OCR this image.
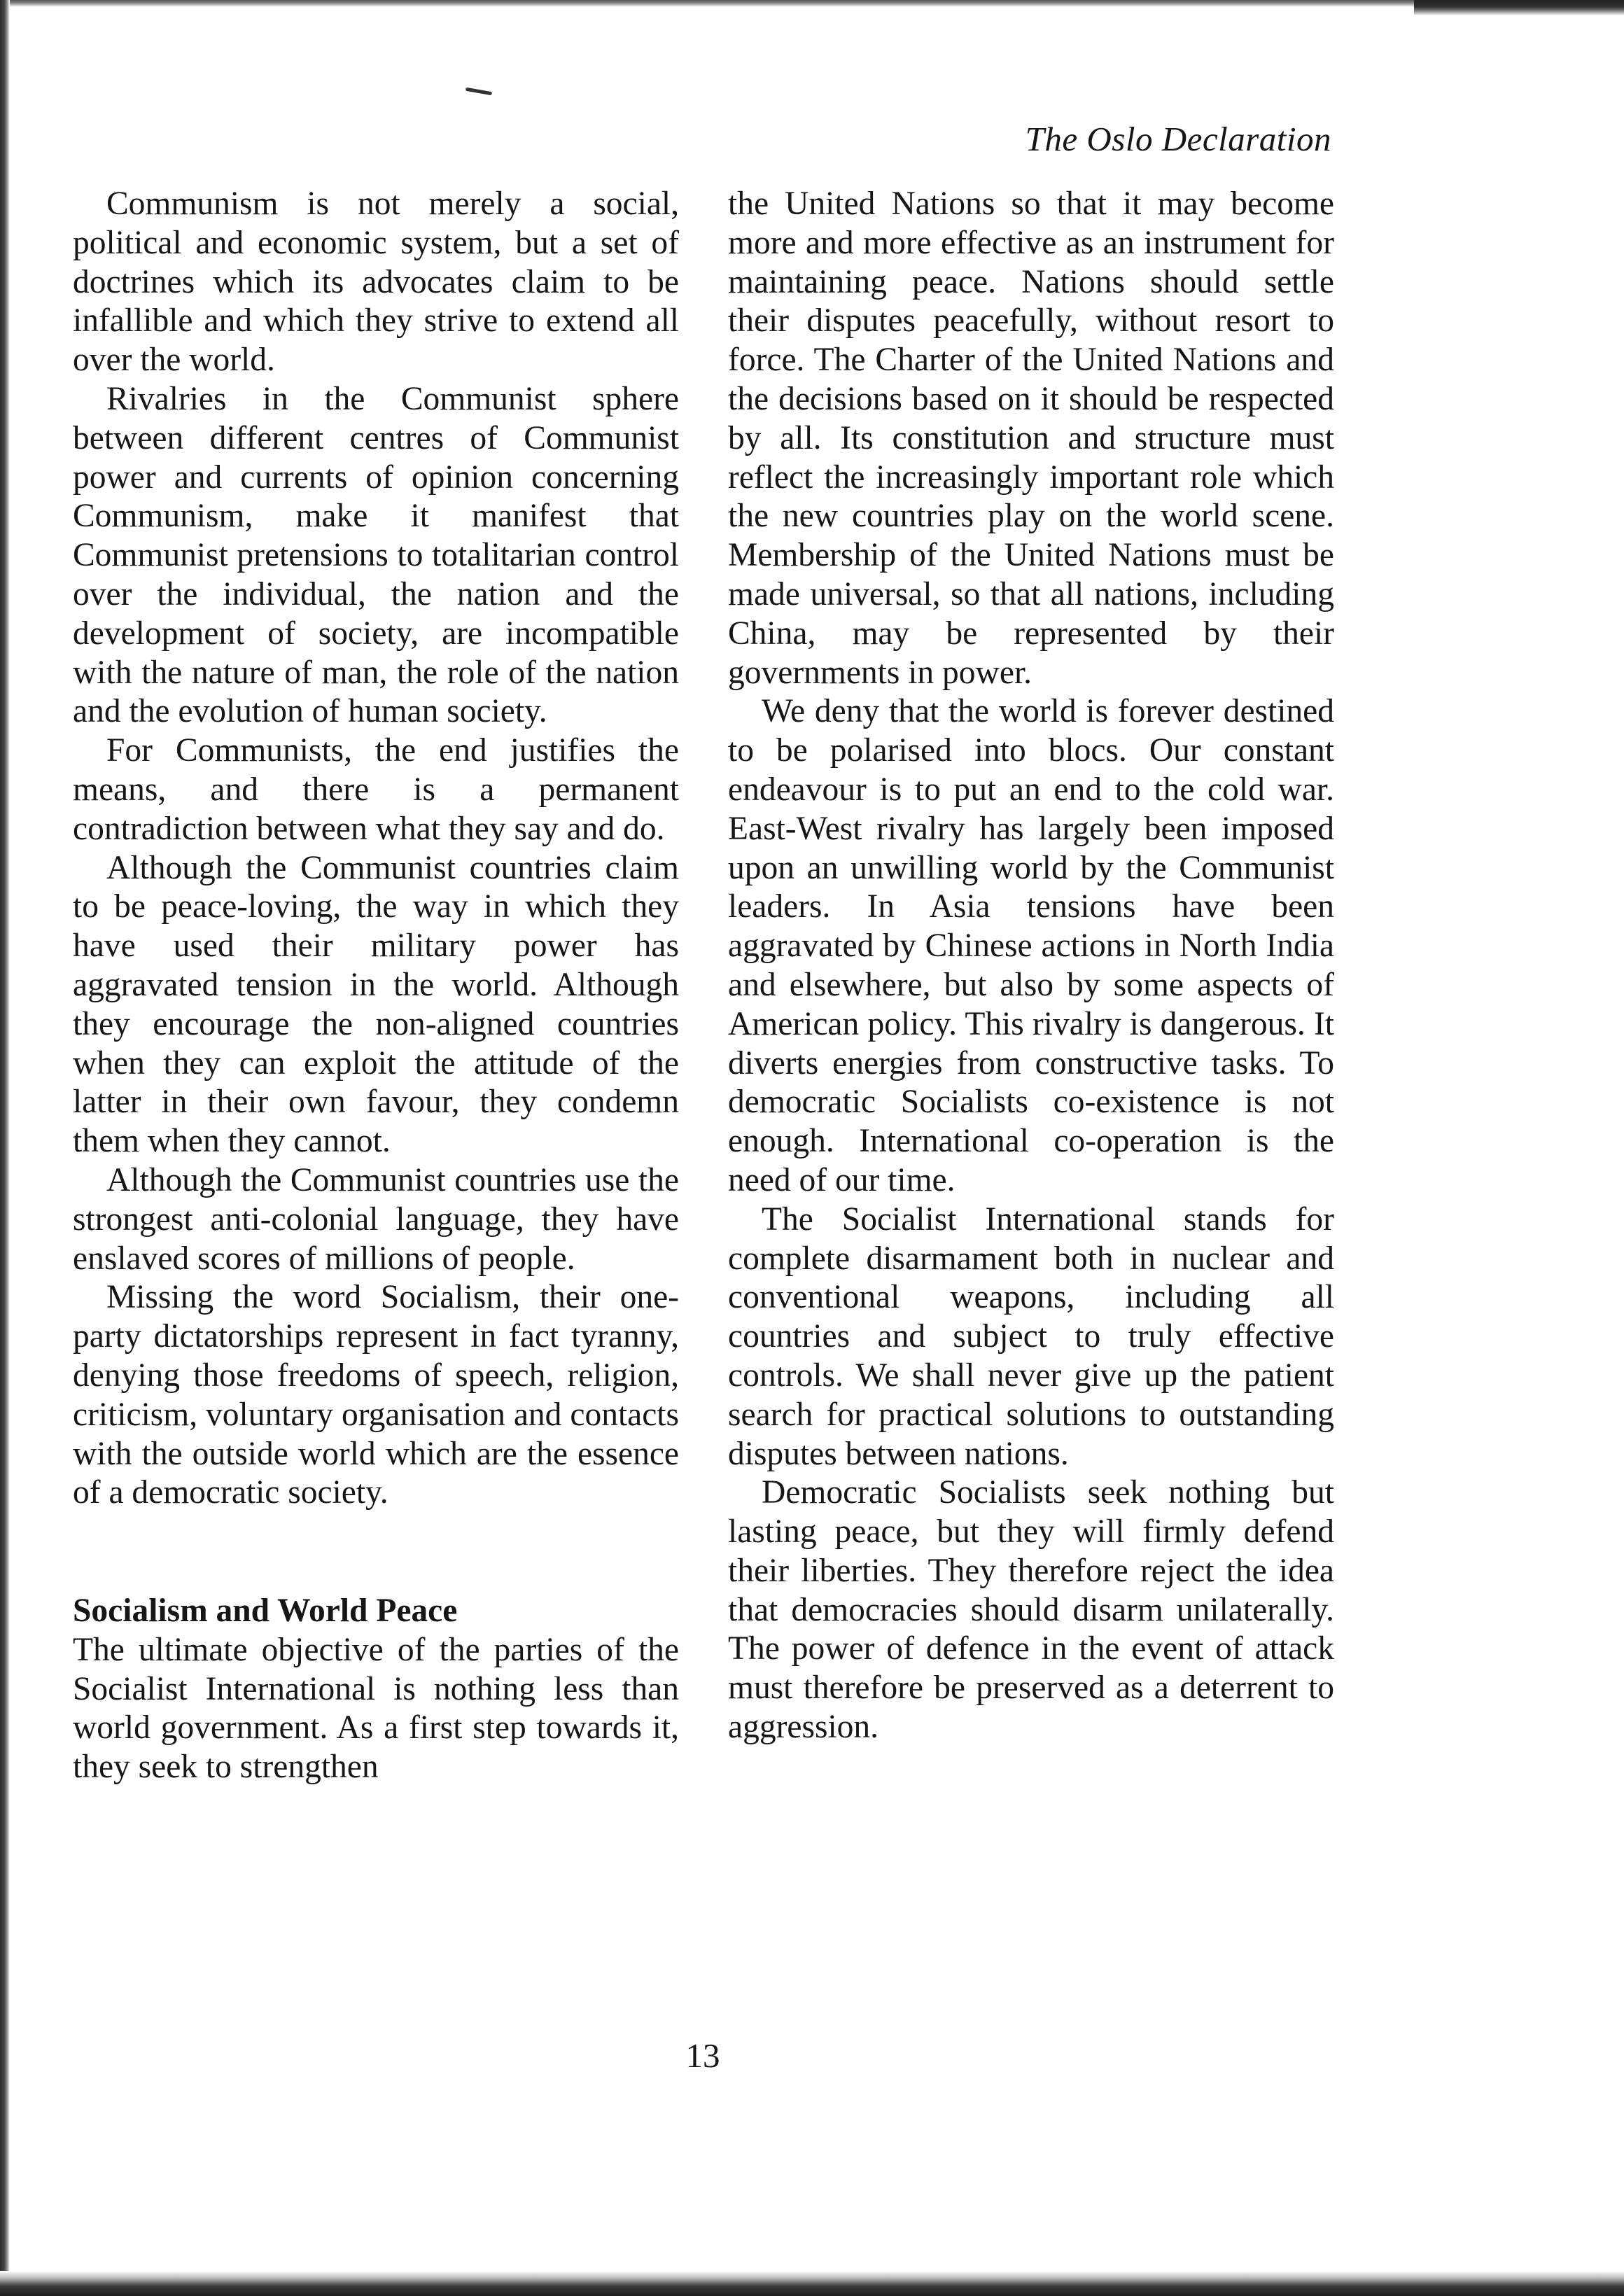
The Oslo Declaration

Communism is not merely a social, political and economic system, but a set of doctrines which its advocates claim to be infallible and which they strive to extend all over the world.

Rivalries in the Communist sphere between different centres of Communist power and currents of opinion concerning Communism, make it manifest that Communist pretensions to totalitarian control over the individual, the nation and the development of society, are incompatible with the nature of man, the role of the nation and the evolution of human society.

For Communists, the end justifies the means, and there is a permanent contradiction between what they say and do.

Although the Communist countries claim to be peace-loving, the way in which they have used their military power has aggravated tension in the world. Although they encourage the non-aligned countries when they can exploit the attitude of the latter in their own favour, they condemn them when they cannot.

Although the Communist countries use the strongest anti-colonial language, they have enslaved scores of millions of people.

Missing the word Socialism, their one-party dictatorships represent in fact tyranny, denying those freedoms of speech, religion, criticism, voluntary organisation and contacts with the outside world which are the essence of a democratic society.

Socialism and World Peace

The ultimate objective of the parties of the Socialist International is nothing less than world government. As a first step towards it, they seek to strengthen

the United Nations so that it may become more and more effective as an instrument for maintaining peace. Nations should settle their disputes peacefully, without resort to force. The Charter of the United Nations and the decisions based on it should be respected by all. Its constitution and structure must reflect the increasingly important role which the new countries play on the world scene. Membership of the United Nations must be made universal, so that all nations, including China, may be represented by their governments in power.

We deny that the world is forever destined to be polarised into blocs. Our constant endeavour is to put an end to the cold war. East-West rivalry has largely been imposed upon an unwilling world by the Communist leaders. In Asia tensions have been aggravated by Chinese actions in North India and elsewhere, but also by some aspects of American policy. This rivalry is dangerous. It diverts energies from constructive tasks. To democratic Socialists co-existence is not enough. International co-operation is the need of our time.

The Socialist International stands for complete disarmament both in nuclear and conventional weapons, including all countries and subject to truly effective controls. We shall never give up the patient search for practical solutions to outstanding disputes between nations.

Democratic Socialists seek nothing but lasting peace, but they will firmly defend their liberties. They therefore reject the idea that democracies should disarm unilaterally. The power of defence in the event of attack must therefore be preserved as a deterrent to aggression.

13
